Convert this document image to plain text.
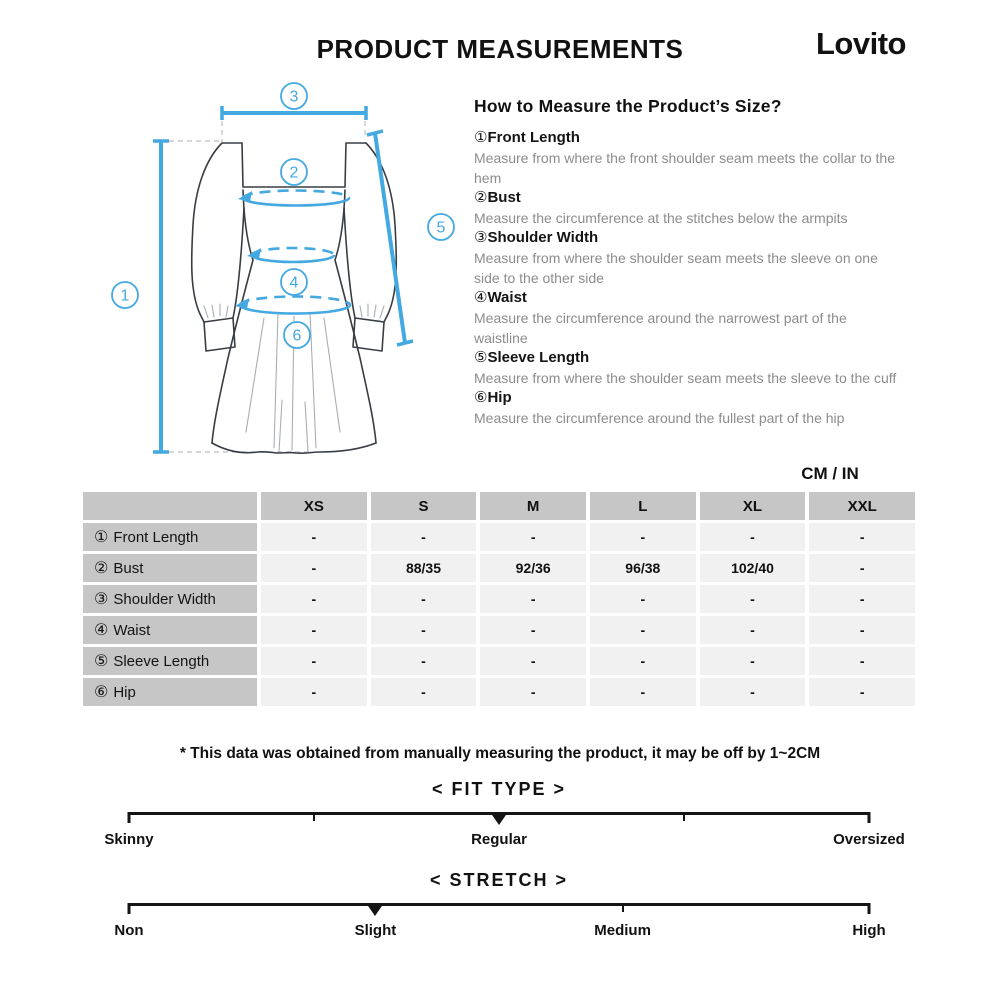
PRODUCT MEASUREMENTS	Lovito
3
2
1
5
4
6
How to Measure the Product’s Size?
①Front Length

Measure from where the front shoulder seam meets the collar to the hem

②Bust

Measure the circumference at the stitches below the armpits

③Shoulder Width

Measure from where the shoulder seam meets the sleeve on one side to the other side

④Waist

Measure the circumference around the narrowest part of the waistline

⑤Sleeve Length

Measure from where the shoulder seam meets the sleeve to the cuff

⑥Hip

Measure the circumference around the fullest part of the hip

CM / IN
XS	S	M	L	XL	XXL
① Front Length	-	-	-	-	-	-
② Bust	-	88/35	92/36	96/38	102/40	-
③ Shoulder Width	-	-	-	-	-	-
④ Waist	-	-	-	-	-	-
⑤ Sleeve Length	-	-	-	-	-	-
⑥ Hip	-	-	-	-	-	-

* This data was obtained from manually measuring the product, it may be off by 1~2CM

< FIT TYPE >
Skinny	Regular	Oversized
< STRETCH >
Non	Slight	Medium	High
